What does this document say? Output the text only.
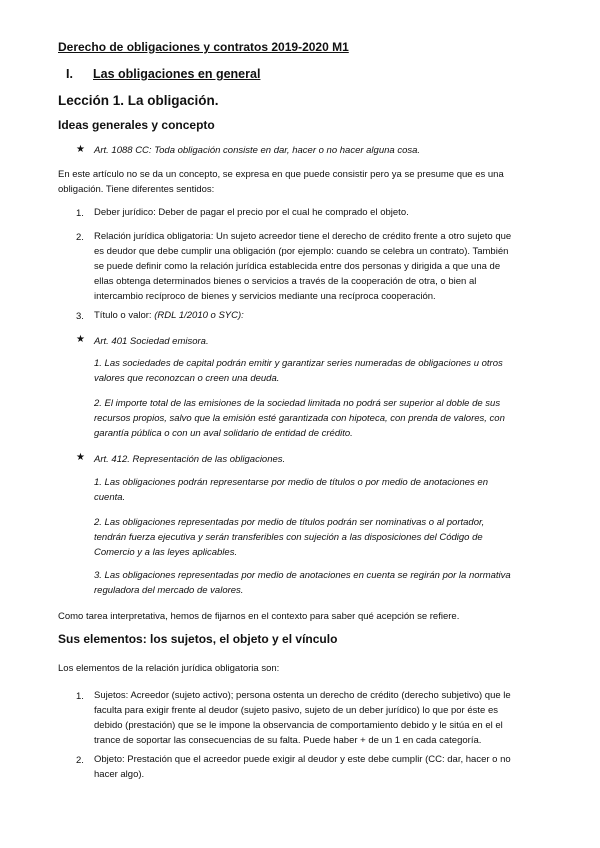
Derecho de obligaciones y contratos 2019-2020 M1
I. Las obligaciones en general
Lección 1. La obligación.
Ideas generales y concepto
★ Art. 1088 CC: Toda obligación consiste en dar, hacer o no hacer alguna cosa.
En este artículo no se da un concepto, se expresa en que puede consistir pero ya se presume que es una
obligación. Tiene diferentes sentidos:
1. Deber jurídico: Deber de pagar el precio por el cual he comprado el objeto.
2. Relación jurídica obligatoria: Un sujeto acreedor tiene el derecho de crédito frente a otro sujeto que
es deudor que debe cumplir una obligación (por ejemplo: cuando se celebra un contrato). También
se puede definir como la relación jurídica establecida entre dos personas y dirigida a que una de
ellas obtenga determinados bienes o servicios a través de la cooperación de otra, o bien al
intercambio recíproco de bienes y servicios mediante una recíproca cooperación.
3. Título o valor: (RDL 1/2010 o SYC):
★ Art. 401 Sociedad emisora.
1. Las sociedades de capital podrán emitir y garantizar series numeradas de obligaciones u otros
valores que reconozcan o creen una deuda.
2. El importe total de las emisiones de la sociedad limitada no podrá ser superior al doble de sus
recursos propios, salvo que la emisión esté garantizada con hipoteca, con prenda de valores, con
garantía pública o con un aval solidario de entidad de crédito.
★ Art. 412. Representación de las obligaciones.
1. Las obligaciones podrán representarse por medio de títulos o por medio de anotaciones en
cuenta.
2. Las obligaciones representadas por medio de títulos podrán ser nominativas o al portador,
tendrán fuerza ejecutiva y serán transferibles con sujeción a las disposiciones del Código de
Comercio y a las leyes aplicables.
3. Las obligaciones representadas por medio de anotaciones en cuenta se regirán por la normativa
reguladora del mercado de valores.
Como tarea interpretativa, hemos de fijarnos en el contexto para saber qué acepción se refiere.
Sus elementos: los sujetos, el objeto y el vínculo
Los elementos de la relación jurídica obligatoria son:
1. Sujetos: Acreedor (sujeto activo); persona ostenta un derecho de crédito (derecho subjetivo) que le
faculta para exigir frente al deudor (sujeto pasivo, sujeto de un deber jurídico) lo que por éste es
debido (prestación) que se le impone la observancia de comportamiento debido y le sitúa en el el
trance de soportar las consecuencias de su falta. Puede haber + de un 1 en cada categoría.
2. Objeto: Prestación que el acreedor puede exigir al deudor y este debe cumplir (CC: dar, hacer o no
hacer algo).
